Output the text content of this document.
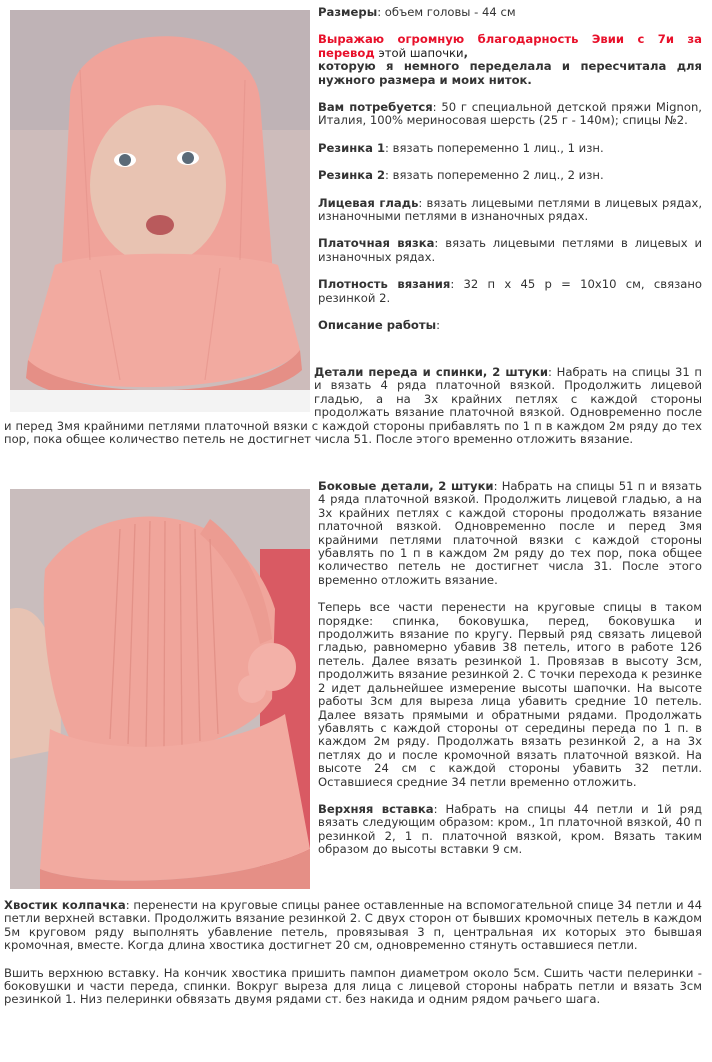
Размеры: объем головы - 44 см

Выражаю огромную благодарность Эвии с 7и за перевод этой шапочки,
которую я немного переделала и пересчитала для нужного размера и моих ниток.

Вам потребуется: 50 г специальной детской пряжи Mignon, Италия, 100% мериносовая шерсть (25 г - 140м); спицы №2.

Резинка 1: вязать попеременно 1 лиц., 1 изн.

Резинка 2: вязать попеременно 2 лиц., 2 изн.

Лицевая гладь: вязать лицевыми петлями в лицевых рядах, изнаночными петлями в изнаночных рядах.

Платочная вязка: вязать лицевыми петлями в лицевых и изнаночных рядах.

Плотность вязания: 32 п х 45 р = 10х10 см, связано резинкой 2.

Описание работы:

Детали переда и спинки, 2 штуки: Набрать на спицы 31 п и вязать 4 ряда платочной вязкой. Продолжить лицевой гладью, а на 3х крайних петлях с каждой стороны продолжать вязание платочной вязкой. Одновременно после и перед 3мя крайними петлями платочной вязки с каждой стороны прибавлять по 1 п в каждом 2м ряду до тех пор, пока общее количество петель не достигнет числа 51. После этого временно отложить вязание.

Боковые детали, 2 штуки: Набрать на спицы 51 п и вязать 4 ряда платочной вязкой. Продолжить лицевой гладью, а на 3х крайних петлях с каждой стороны продолжать вязание платочной вязкой. Одновременно после и перед 3мя крайними петлями платочной вязки с каждой стороны убавлять по 1 п в каждом 2м ряду до тех пор, пока общее количество петель не достигнет числа 31. После этого временно отложить вязание.

Теперь все части перенести на круговые спицы в таком порядке: спинка, боковушка, перед, боковушка и продолжить вязание по кругу. Первый ряд связать лицевой гладью, равномерно убавив 38 петель, итого в работе 126 петель. Далее вязать резинкой 1. Провязав в высоту 3см, продолжить вязание резинкой 2. С точки перехода к резинке 2 идет дальнейшее измерение высоты шапочки. На высоте работы 3см для выреза лица убавить средние 10 петель. Далее вязать прямыми и обратными рядами. Продолжать убавлять с каждой стороны от середины переда по 1 п. в каждом 2м ряду. Продолжать вязать резинкой 2, а на 3х петлях до и после кромочной вязать платочной вязкой. На высоте 24 см с каждой стороны убавить 32 петли. Оставшиеся средние 34 петли временно отложить.

Верхняя вставка: Набрать на спицы 44 петли и 1й ряд вязать следующим образом: кром., 1п платочной вязкой, 40 п резинкой 2, 1 п. платочной вязкой, кром. Вязать таким образом до высоты вставки 9 см.

Хвостик колпачка: перенести на круговые спицы ранее оставленные на вспомогательной спице 34 петли и 44 петли верхней вставки. Продолжить вязание резинкой 2. С двух сторон от бывших кромочных петель в каждом 5м круговом ряду выполнять убавление петель, провязывая 3 п, центральная их которых это бывшая кромочная, вместе. Когда длина хвостика достигнет 20 см, одновременно стянуть оставшиеся петли.

Вшить верхнюю вставку. На кончик хвостика пришить пампон диаметром около 5см. Сшить части пелеринки - боковушки и части переда, спинки. Вокруг выреза для лица с лицевой стороны набрать петли и вязать 3см резинкой 1. Низ пелеринки обвязать двумя рядами ст. без накида и одним рядом рачьего шага.
